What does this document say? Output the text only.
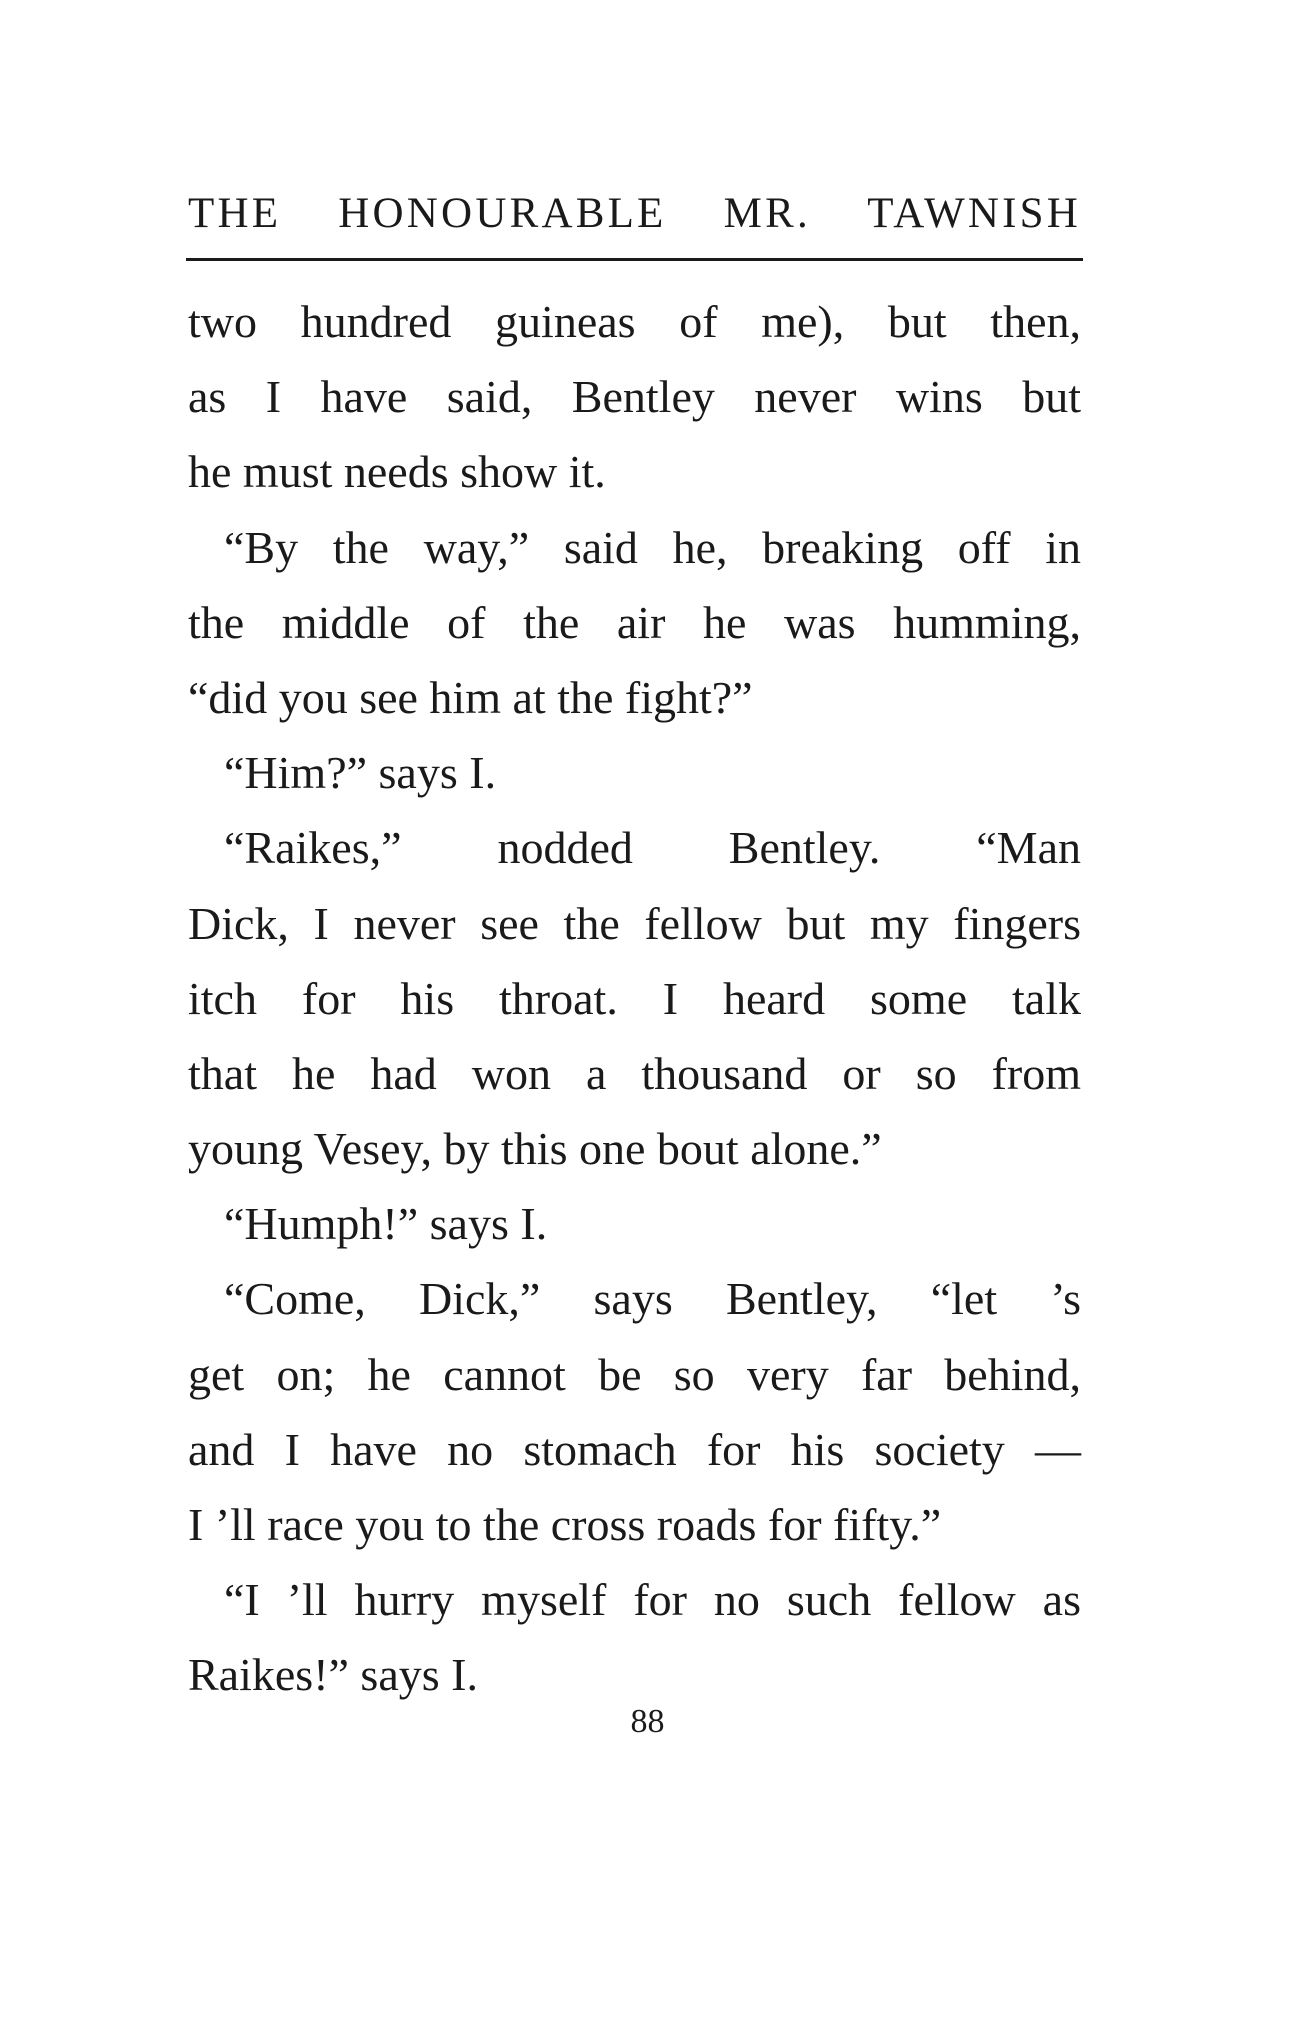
THE HONOURABLE MR. TAWNISH
two hundred guineas of me), but then,
as I have said, Bentley never wins but
he must needs show it.
“By the way,” said he, breaking off in
the middle of the air he was humming,
“did you see him at the fight?”
“Him?” says I.
“Raikes,” nodded Bentley. “Man
Dick, I never see the fellow but my fingers
itch for his throat. I heard some talk
that he had won a thousand or so from
young Vesey, by this one bout alone.”
“Humph!” says I.
“Come, Dick,” says Bentley, “let ’s
get on; he cannot be so very far behind,
and I have no stomach for his society —
I ’ll race you to the cross roads for fifty.”
“I ’ll hurry myself for no such fellow as
Raikes!” says I.
88
